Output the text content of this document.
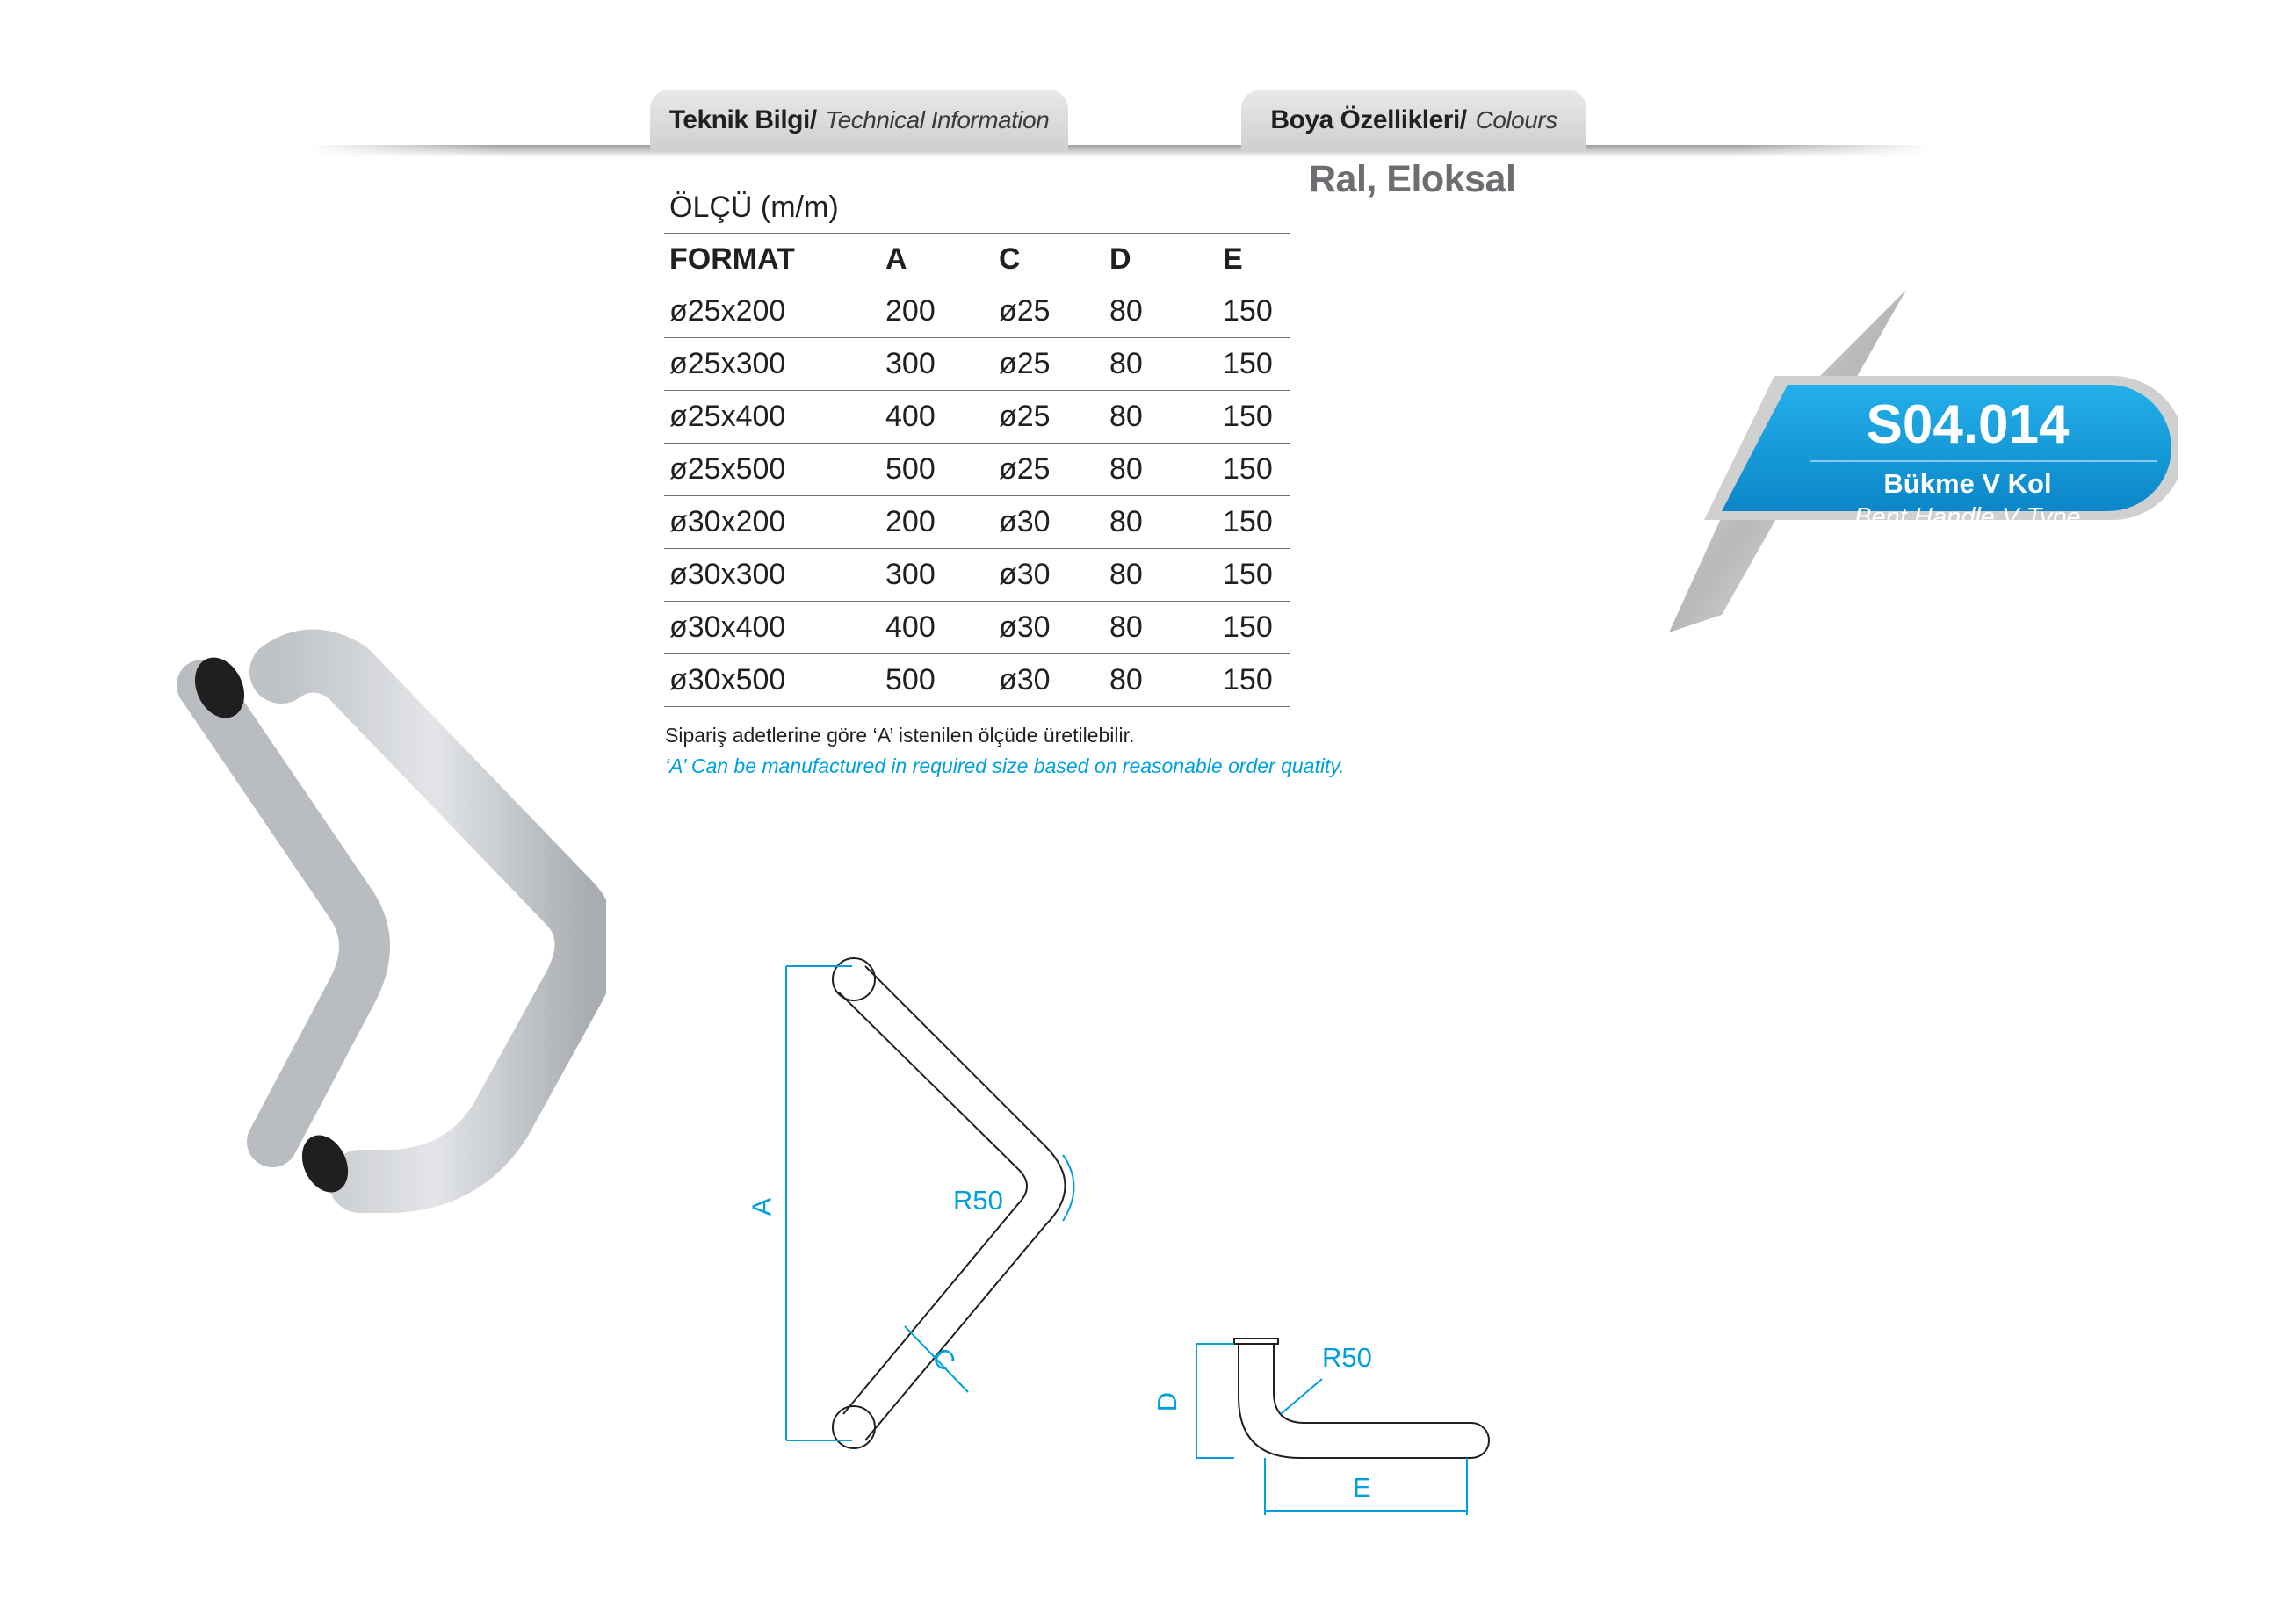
Teknik Bilgi/ Technical Information	Boya Özellikleri/ Colours
Ral, Eloksal
ÖLÇÜ (m/m)
FORMAT	A	C	D	E
ø25x200	200	ø25	80	150
ø25x300	300	ø25	80	150
ø25x400	400	ø25	80	150
ø25x500	500	ø25	80	150
ø30x200	200	ø30	80	150
ø30x300	300	ø30	80	150
ø30x400	400	ø30	80	150
ø30x500	500	ø30	80	150
Sipariş adetlerine göre ‘A’ istenilen ölçüde üretilebilir.
‘A’ Can be manufactured in required size based on reasonable order quatity.
S04.014
Bükme V Kol
Bent Handle V Type
A	R50
C
D
R50
E
